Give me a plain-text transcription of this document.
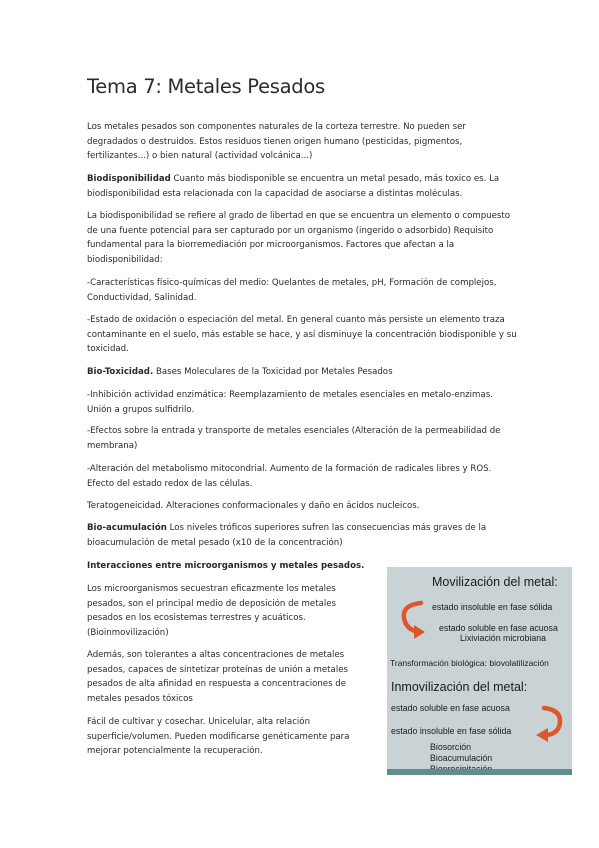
Tema 7: Metales Pesados

Los metales pesados son componentes naturales de la corteza terrestre. No pueden ser degradados o destruidos. Estos residuos tienen origen humano (pesticidas, pigmentos, fertilizantes...) o bien natural (actividad volcánica...)

Biodisponibilidad Cuanto más biodisponible se encuentra un metal pesado, más toxico es. La biodisponibilidad esta relacionada con la capacidad de asociarse a distintas moléculas.

La biodisponibilidad se refiere al grado de libertad en que se encuentra un elemento o compuesto de una fuente potencial para ser capturado por un organismo (ingerido o adsorbido) Requisito fundamental para la biorremediación por microorganismos. Factores que afectan a la biodisponibilidad:

-Características físico-químicas del medio: Quelantes de metales, pH, Formación de complejos, Conductividad, Salinidad.

-Estado de oxidación o especiación del metal. En general cuanto más persiste un elemento traza contaminante en el suelo, más estable se hace, y así disminuye la concentración biodisponible y su toxicidad.

Bio-Toxicidad. Bases Moleculares de la Toxicidad por Metales Pesados

-Inhibición actividad enzimática: Reemplazamiento de metales esenciales en metalo-enzimas. Unión a grupos sulfidrilo.

-Efectos sobre la entrada y transporte de metales esenciales (Alteración de la permeabilidad de membrana)

-Alteración del metabolismo mitocondrial. Aumento de la formación de radicales libres y ROS. Efecto del estado redox de las células.

Teratogeneicidad. Alteraciones conformacionales y daño en ácidos nucleicos.

Bio-acumulación Los niveles tróficos superiores sufren las consecuencias más graves de la bioacumulación de metal pesado (x10 de la concentración)

Interacciones entre microorganismos y metales pesados.

Los microorganismos secuestran eficazmente los metales pesados, son el principal medio de deposición de metales pesados en los ecosistemas terrestres y acuáticos. (Bioinmovilización)

Además, son tolerantes a altas concentraciones de metales pesados, capaces de sintetizar proteínas de unión a metales pesados de alta afinidad en respuesta a concentraciones de metales pesados tóxicos

Fácil de cultivar y cosechar. Unicelular, alta relación superficie/volumen. Pueden modificarse genéticamente para mejorar potencialmente la recuperación.

Movilización del metal:
estado insoluble en fase sólida
estado soluble en fase acuosa
Lixiviación microbiana
Transformación biológica: biovolatilización
Inmovilización del metal:
estado soluble en fase acuosa
estado insoluble en fase sólida
Biosorción
Bioacumulación
